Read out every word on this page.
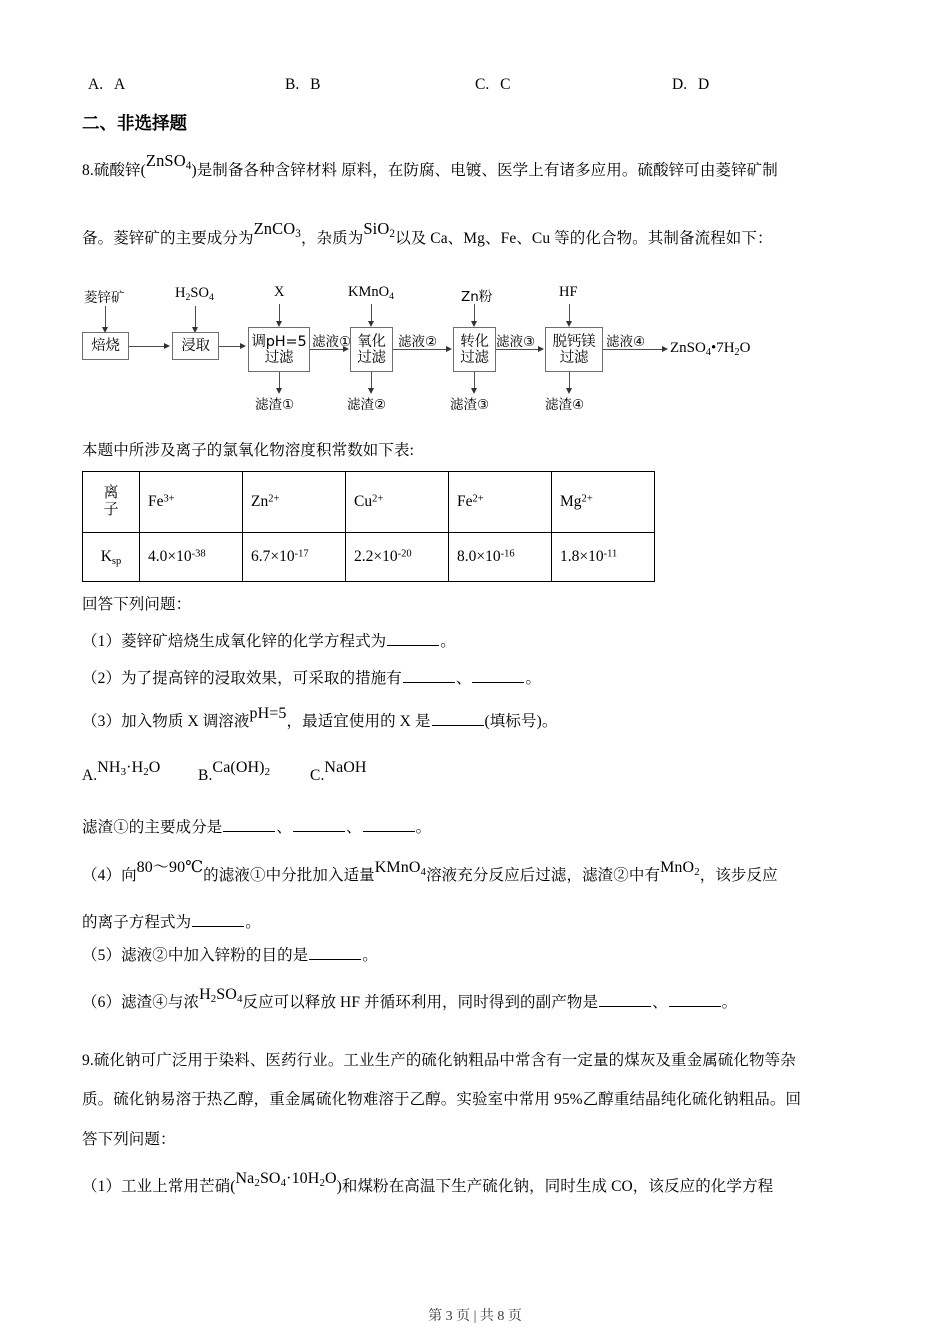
A. A	B. B	C. C	D. D
二、非选择题
8.硫酸锌(ZnSO$_4$)是制备各种含锌材料 原料，在防腐、电镀、医学上有诸多应用。硫酸锌可由菱锌矿制
备。菱锌矿的主要成分为ZnCO$_3$，杂质为SiO$_2$以及 Ca、Mg、Fe、Cu 等的化合物。其制备流程如下：
菱锌矿	$H_2SO_4$	X	KMnO$_4$	Zn粉	HF
焙烧	浸取	调pH=5
过滤
氧化
过滤
转化
过滤
脱钙镁
过滤
滤液①	滤液②	滤液③	滤液④ $ZnSO_4•7H_2O$
滤渣①	滤渣②	滤渣③	滤渣④
本题中所涉及离子的氯氧化物溶度积常数如下表:
离
子	$Fe^{3+}$	$Zn^{2+}$	$Cu^{2+}$	$Fe^{2+}$	$Mg^{2+}$
$K_{sp}$	$4.0\times 10^{-38}$	$6.7\times 10^{-17}$	$2.2\times 10^{-20}$	$8.0\times 10^{-16}$	$1.8\times 10^{-11}$
回答下列问题：
（1）菱锌矿焙烧生成氧化锌的化学方程式为	。
（2）为了提高锌的浸取效果，可采取的措施有	、	。
（3）加入物质 X 调溶液pH=5，最适宜使用的 X 是	(填标号)。
$A.NH_3\cdot H_2O$ $B.Ca(OH)_2$	C.NaOH
滤渣①的主要成分是	、	、	。
（4）向80～90℃的滤液①中分批加入适量KMnO$_4$溶液充分反应后过滤，滤渣②中有MnO$_2$，该步反应
的离子方程式为	。
（5）滤液②中加入锌粉的目的是	。
（6）滤渣④与浓$H_2SO_4$反应可以释放 HF 并循环利用，同时得到的副产物是	、	。
9.硫化钠可广泛用于染料、医药行业。工业生产的硫化钠粗品中常含有一定量的煤灰及重金属硫化物等杂
质。硫化钠易溶于热乙醇，重金属硫化物难溶于乙醇。实验室中常用 95%乙醇重结晶纯化硫化钠粗品。回
答下列问题：
（1）工业上常用芒硝$(Na_2SO_4\cdot 10H_2O)$和煤粉在高温下生产硫化钠，同时生成 CO，该反应的化学方程
第 3 页 | 共 8 页
